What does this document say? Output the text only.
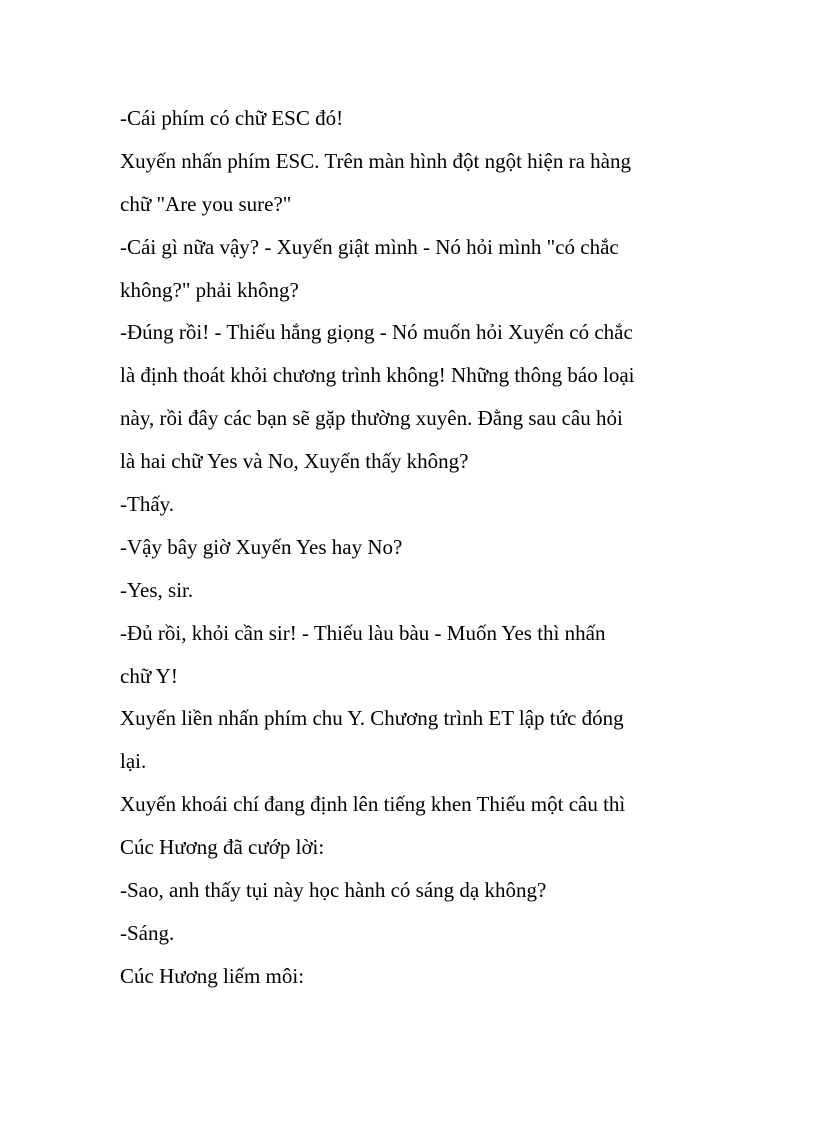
-Cái phím có chữ ESC đó!
Xuyến nhấn phím ESC. Trên màn hình đột ngột hiện ra hàng
chữ "Are you sure?"
-Cái gì nữa vậy? - Xuyến giật mình - Nó hỏi mình "có chắc
không?" phải không?
-Đúng rồi! - Thiếu hắng giọng - Nó muốn hỏi Xuyến có chắc
là định thoát khỏi chương trình không! Những thông báo loại
này, rồi đây các bạn sẽ gặp thường xuyên. Đằng sau câu hỏi
là hai chữ Yes và No, Xuyến thấy không?
-Thấy.
-Vậy bây giờ Xuyến Yes hay No?
-Yes, sir.
-Đủ rồi, khỏi cần sir! - Thiếu làu bàu - Muốn Yes thì nhấn
chữ Y!
Xuyến liền nhấn phím chu Y. Chương trình ET lập tức đóng
lại.
Xuyến khoái chí đang định lên tiếng khen Thiếu một câu thì
Cúc Hương đã cướp lời:
-Sao, anh thấy tụi này học hành có sáng dạ không?
-Sáng.
Cúc Hương liếm môi:
